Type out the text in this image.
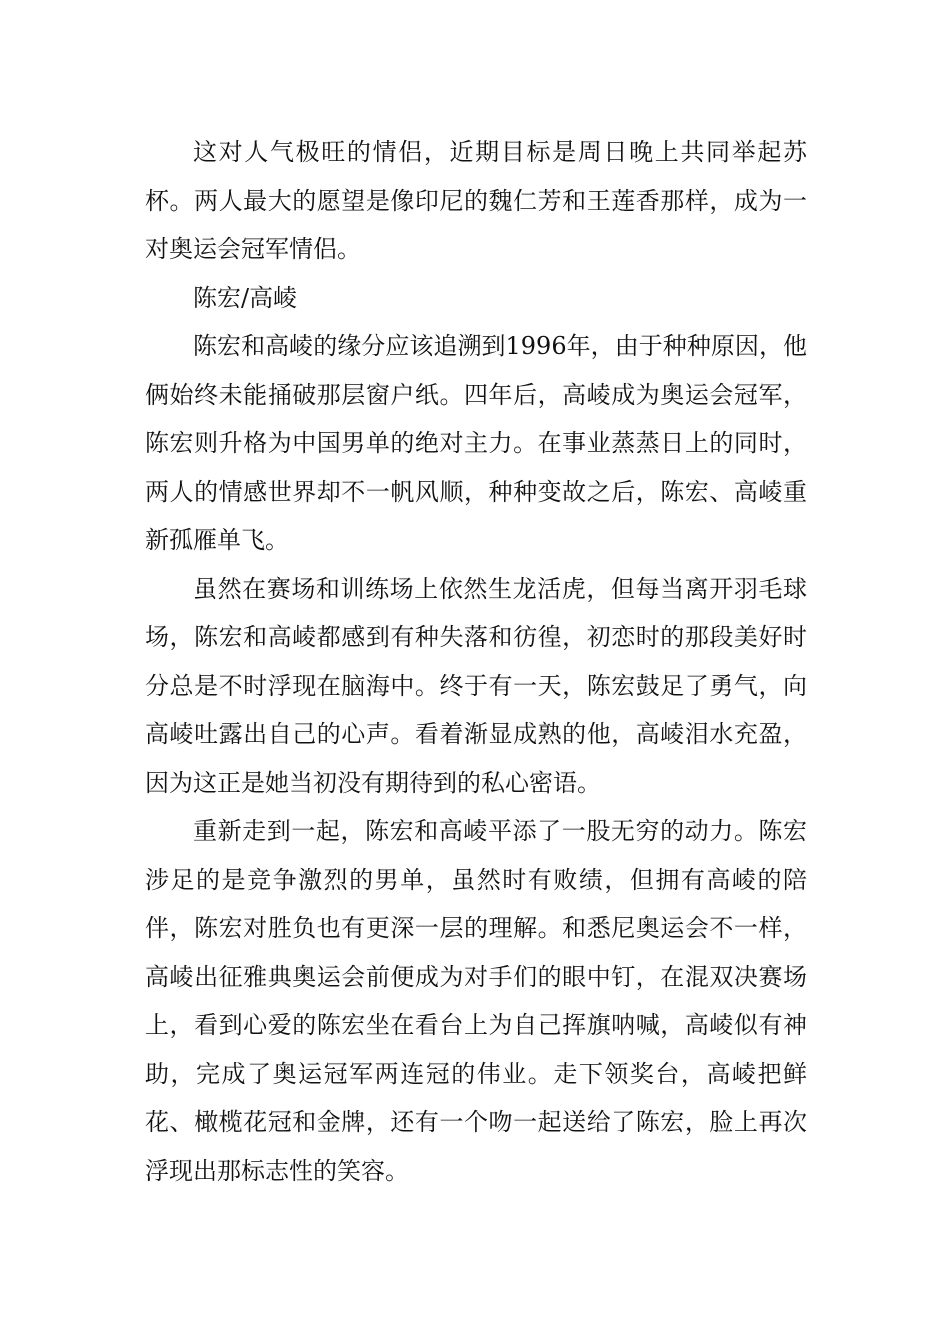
这对人气极旺的情侣，近期目标是周日晚上共同举起苏杯。两人最大的愿望是像印尼的魏仁芳和王莲香那样，成为一对奥运会冠军情侣。

陈宏/高崚

陈宏和高崚的缘分应该追溯到1996年，由于种种原因，他俩始终未能捅破那层窗户纸。四年后，高崚成为奥运会冠军，陈宏则升格为中国男单的绝对主力。在事业蒸蒸日上的同时，两人的情感世界却不一帆风顺，种种变故之后，陈宏、高崚重新孤雁单飞。

虽然在赛场和训练场上依然生龙活虎，但每当离开羽毛球场，陈宏和高崚都感到有种失落和彷徨，初恋时的那段美好时分总是不时浮现在脑海中。终于有一天，陈宏鼓足了勇气，向高崚吐露出自己的心声。看着渐显成熟的他，高崚泪水充盈，因为这正是她当初没有期待到的私心密语。

重新走到一起，陈宏和高崚平添了一股无穷的动力。陈宏涉足的是竞争激烈的男单，虽然时有败绩，但拥有高崚的陪伴，陈宏对胜负也有更深一层的理解。和悉尼奥运会不一样，高崚出征雅典奥运会前便成为对手们的眼中钉，在混双决赛场上，看到心爱的陈宏坐在看台上为自己挥旗呐喊，高崚似有神助，完成了奥运冠军两连冠的伟业。走下领奖台，高崚把鲜花、橄榄花冠和金牌，还有一个吻一起送给了陈宏，脸上再次浮现出那标志性的笑容。
